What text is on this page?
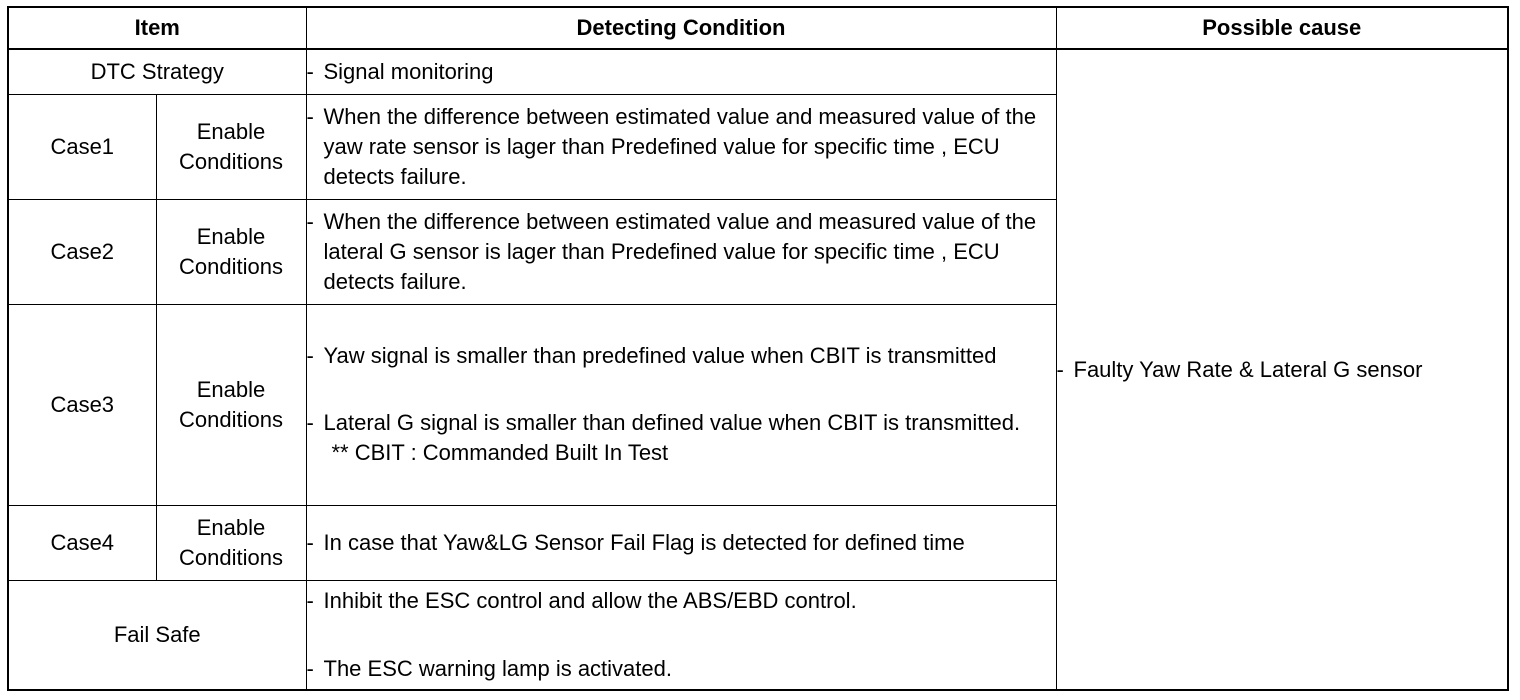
Item		Detecting Condition	Possible cause
DTC Strategy		- Signal monitoring	- Faulty Yaw Rate & Lateral G sensor

Case1	Enable Conditions	- When the difference between estimated value and measured value of the yaw rate sensor is lager than Predefined value for specific time , ECU detects failure.	

Case2	Enable Conditions	- When the difference between estimated value and measured value of the lateral G sensor is lager than Predefined value for specific time , ECU detects failure.	

Case3	Enable Conditions	- Yaw signal is smaller than predefined value when CBIT is transmitted
- Lateral G signal is smaller than defined value when CBIT is transmitted.
** CBIT : Commanded Built In Test	

Case4	Enable Conditions	- In case that Yaw&LG Sensor Fail Flag is detected for defined time	

Fail Safe		- Inhibit the ESC control and allow the ABS/EBD control.
- The ESC warning lamp is activated.	
